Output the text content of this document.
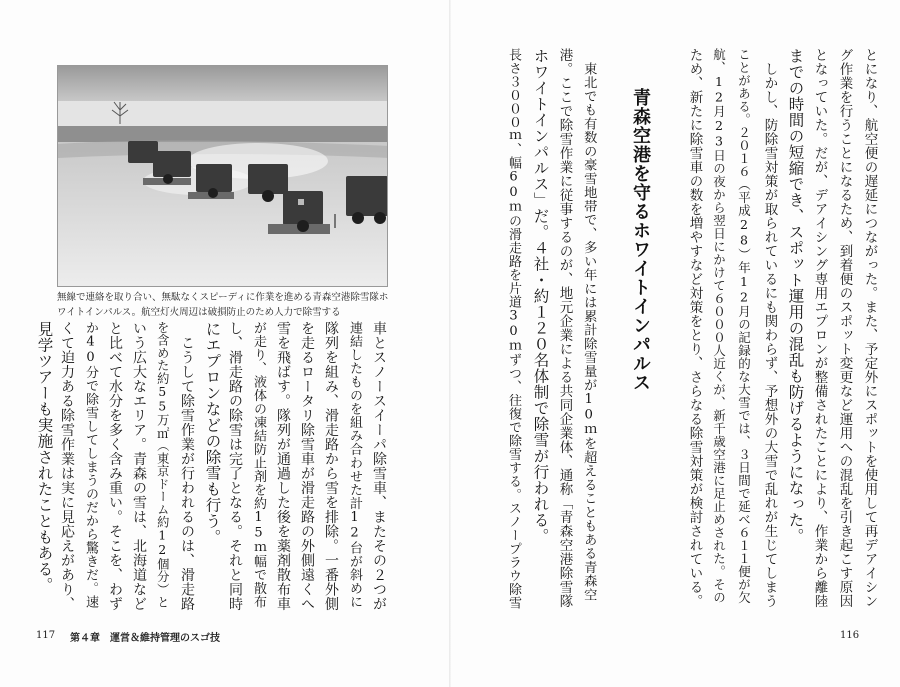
とになり、航空便の遅延につながった。また、予定外にスポットを使用して再デアイシン
グ作業を行うことになるため、到着便のスポット変更など運用への混乱を引き起こす原因
となっていた。だが、デアイシング専用エプロンが整備されたことにより、作業から離陸
までの時間の短縮でき、スポット運用の混乱も防げるようになった。
　しかし、防除雪対策が取られているにも関わらず、予想外の大雪で乱れが生じてしまう
ことがある。２０１６（平成28）年12月の記録的な大雪では、３日間で延べ６１１便が欠
航、12月23日の夜から翌日にかけて６０００人近くが、新千歳空港に足止めされた。その
ため、新たに除雪車の数を増やすなど対策をとり、さらなる除雪対策が検討されている。
青森空港を守るホワイトインパルス
　東北でも有数の豪雪地帯で、多い年には累計除雪量が10ｍを超えることもある青森空
港。ここで除雪作業に従事するのが、地元企業による共同企業体、通称「青森空港除雪隊
ホワイトインパルス」だ。４社・約１２０名体制で除雪が行われる。
長さ３０００ｍ、幅60ｍの滑走路を片道30ｍずつ、往復で除雪する。スノープラウ除雪
116
無線で連絡を取り合い、無駄なくスピーディに作業を進める青森空港除雪隊ホワイトインパルス。航空灯火周辺は破損防止のため人力で除雪する
車とスノースイーパ除雪車、またその２つが
連結したものを組み合わせた計12台が斜めに
隊列を組み、滑走路から雪を排除。一番外側
を走るロータリ除雪車が滑走路の外側遠くへ
雪を飛ばす。隊列が通過した後を薬剤散布車
が走り、液体の凍結防止剤を約15ｍ幅で散布
し、滑走路の除雪は完了となる。それと同時
にエプロンなどの除雪も行う。
　こうして除雪作業が行われるのは、滑走路
を含めた約55万㎡（東京ドーム約12個分）と
いう広大なエリア。青森の雪は、北海道など
と比べて水分を多く含み重い。そこを、わず
か40分で除雪してしまうのだから驚きだ。速
くて迫力ある除雪作業は実に見応えがあり、
見学ツアーも実施されたこともある。
117 第４章　運営＆維持管理のスゴ技
